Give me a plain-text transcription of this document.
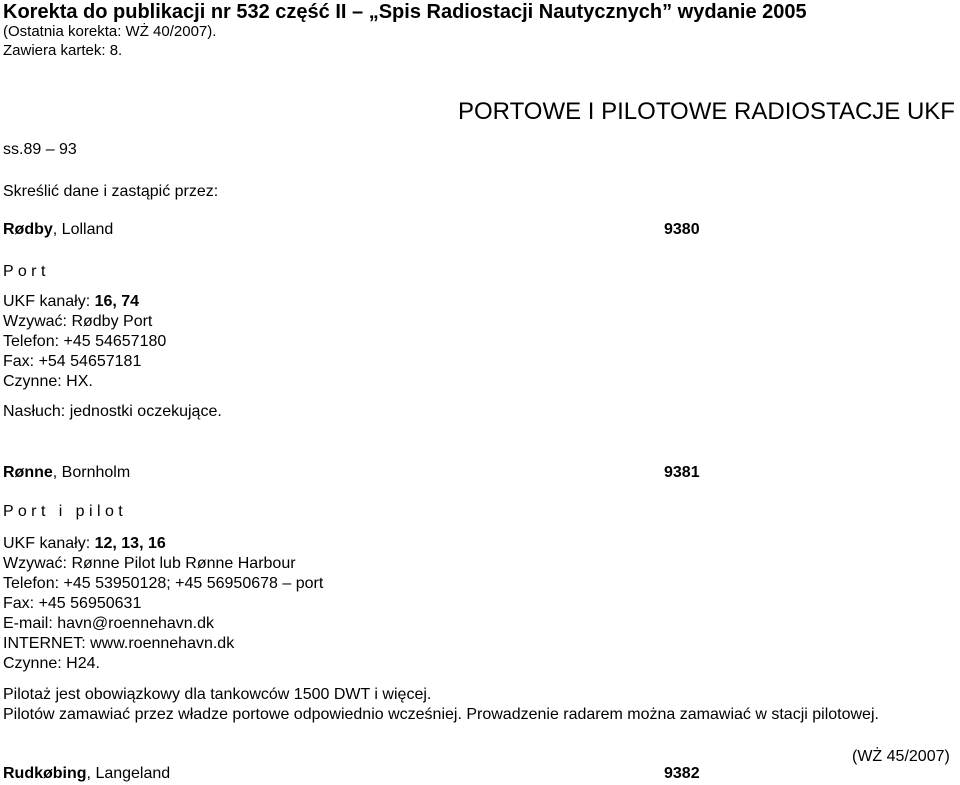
Korekta do publikacji nr 532 część II – „Spis Radiostacji Nautycznych” wydanie 2005
(Ostatnia korekta: WŻ 40/2007).
Zawiera kartek: 8.
PORTOWE I PILOTOWE RADIOSTACJE UKF
ss.89 – 93
Skreślić dane i zastąpić przez:
Rødby, Lolland	9380
P o r t
UKF kanały: 16, 74
Wzywać: Rødby Port
Telefon: +45 54657180
Fax: +54 54657181
Czynne: HX.
Nasłuch: jednostki oczekujące.
Rønne, Bornholm	9381
P o r t   i   p i l o t
UKF kanały: 12, 13, 16
Wzywać: Rønne Pilot lub Rønne Harbour
Telefon: +45 53950128; +45 56950678 – port
Fax: +45 56950631
E-mail: havn@roennehavn.dk
INTERNET: www.roennehavn.dk
Czynne: H24.
Pilotaż jest obowiązkowy dla tankowców 1500 DWT i więcej.
Pilotów zamawiać przez władze portowe odpowiednio wcześniej. Prowadzenie radarem można zamawiać w stacji pilotowej.
(WŻ 45/2007)
Rudkøbing, Langeland	9382
